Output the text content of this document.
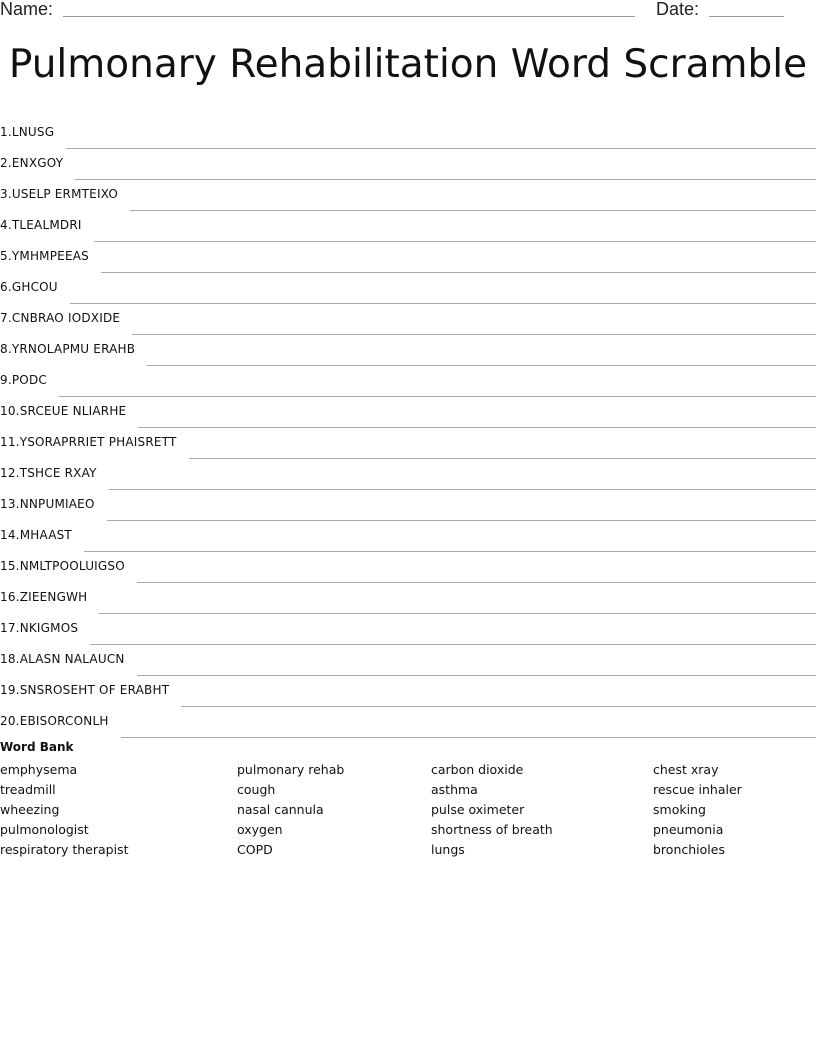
Name:	Date:
Pulmonary Rehabilitation Word Scramble
1. LNUSG
2. ENXGOY
3. USELP ERMTEIXO
4. TLEALMDRI
5. YMHMPEEAS
6. GHCOU
7. CNBRAO IODXIDE
8. YRNOLAPMU ERAHB
9. PODC
10. SRCEUE NLIARHE
11. YSORAPRRIET PHAISRETT
12. TSHCE RXAY
13. NNPUMIAEO
14. MHAAST
15. NMLTPOOLUIGSO
16. ZIEENGWH
17. NKIGMOS
18. ALASN NALAUCN
19. SNSROSEHT OF ERABHT
20. EBISORCONLH
Word Bank
emphysema
treadmill
wheezing
pulmonologist
respiratory therapist
pulmonary rehab
cough
nasal cannula
oxygen
COPD
carbon dioxide
asthma
pulse oximeter
shortness of breath
lungs
chest xray
rescue inhaler
smoking
pneumonia
bronchioles
